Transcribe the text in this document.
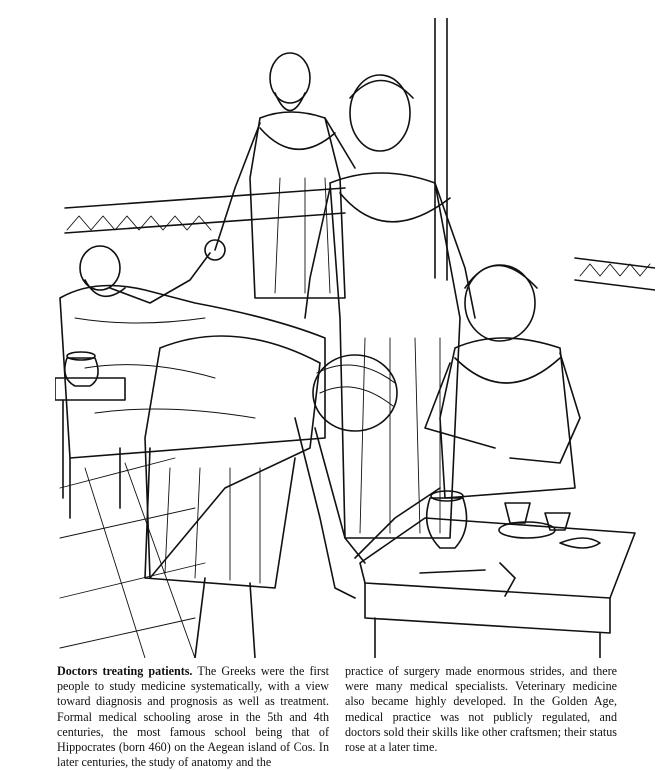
Doctors treating patients. The Greeks were the first people to study medicine systematically, with a view toward diagnosis and prognosis as well as treatment. Formal medical schooling arose in the 5th and 4th centuries, the most famous school being that of Hippocrates (born 460) on the Aegean island of Cos. In later centuries, the study of anatomy and the
practice of surgery made enormous strides, and there were many medical specialists. Veterinary medicine also became highly developed. In the Golden Age, medical practice was not publicly regulated, and doctors sold their skills like other craftsmen; their status rose at a later time.
